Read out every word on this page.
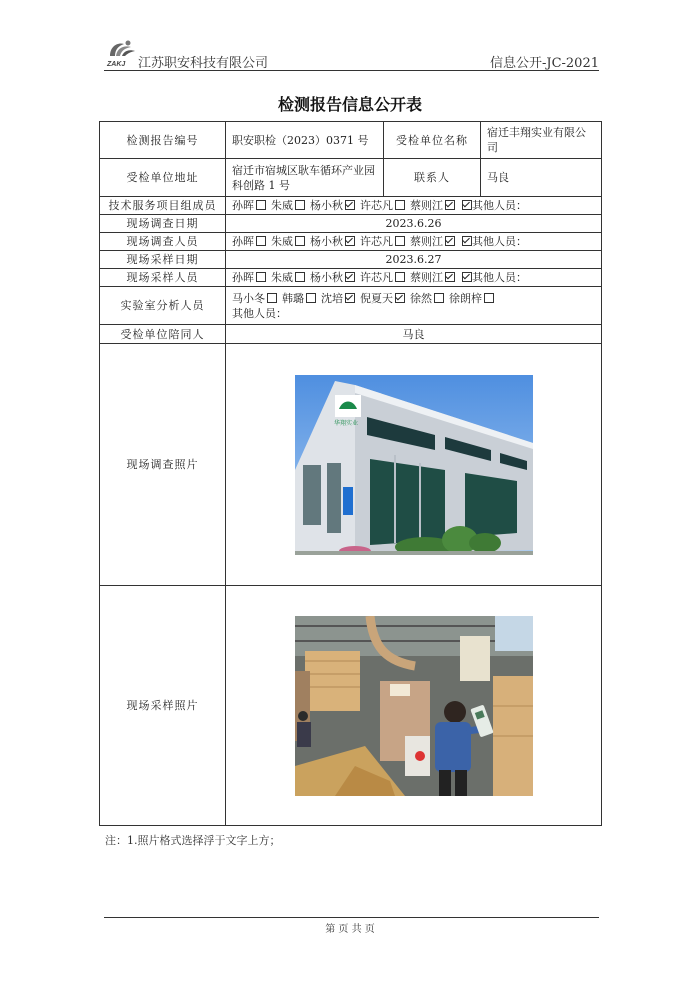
ZAKJ 江苏职安科技有限公司	信息公开-JC-2021
检测报告信息公开表
检测报告编号	职安职检（2023）0371 号	受检单位名称	宿迁丰翔实业有限公司
受检单位地址	宿迁市宿城区耿车循环产业园科创路 1 号	联系人	马良
技术服务项目组成员	孙晖 朱威 杨小秋 许芯凡 蔡则江 其他人员：		
现场调查日期	2023.6.26		
现场调查人员	孙晖 朱威 杨小秋 许芯凡 蔡则江 其他人员：		
现场采样日期	2023.6.27		
现场采样人员	孙晖 朱威 杨小秋 许芯凡 蔡则江 其他人员：		
实验室分析人员	马小冬 韩璐 沈培 倪夏天 徐然 徐朗梓
其他人员：		

受检单位陪同人	马良		
现场调查照片	华翔实业		

现场采样照片	
注：1.照片格式选择浮于文字上方；
第 页 共 页
